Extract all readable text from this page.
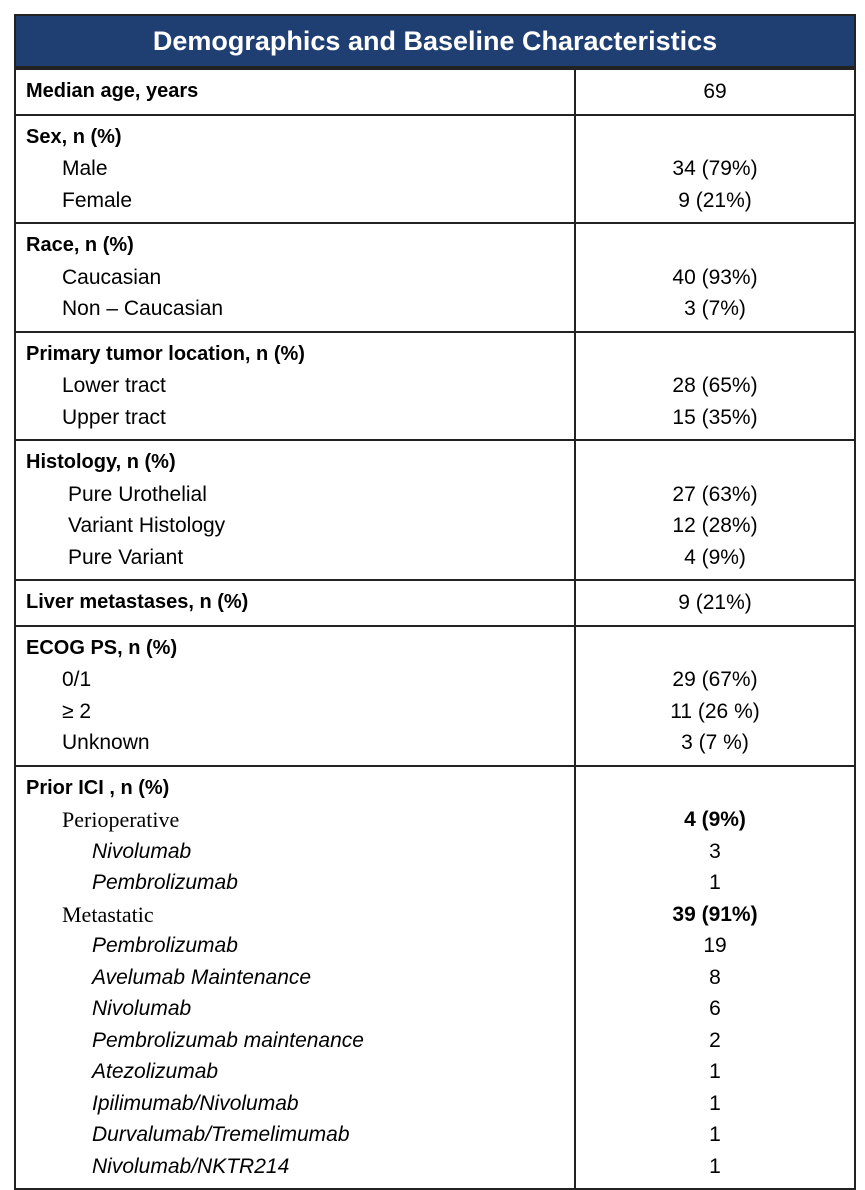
Demographics and Baseline Characteristics
Median age, years	69
Sex, n (%)
Male
Female
34 (79%)
9 (21%)
Race, n (%)
Caucasian
Non – Caucasian
40 (93%)
3 (7%)
Primary tumor location, n (%)
Lower tract
Upper tract
28 (65%)
15 (35%)
Histology, n (%)
Pure Urothelial
Variant Histology
Pure Variant
27 (63%)
12 (28%)
4 (9%)
Liver metastases, n (%)	9 (21%)
ECOG PS, n (%)
0/1
≥ 2
Unknown
29 (67%)
11 (26 %)
3 (7 %)
Prior ICI , n (%)
Perioperative
Nivolumab
Pembrolizumab
Metastatic
Pembrolizumab
Avelumab Maintenance
Nivolumab
Pembrolizumab maintenance
Atezolizumab
Ipilimumab/Nivolumab
Durvalumab/Tremelimumab
Nivolumab/NKTR214
4 (9%)
3
1
39 (91%)
19
8
6
2
1
1
1
1
